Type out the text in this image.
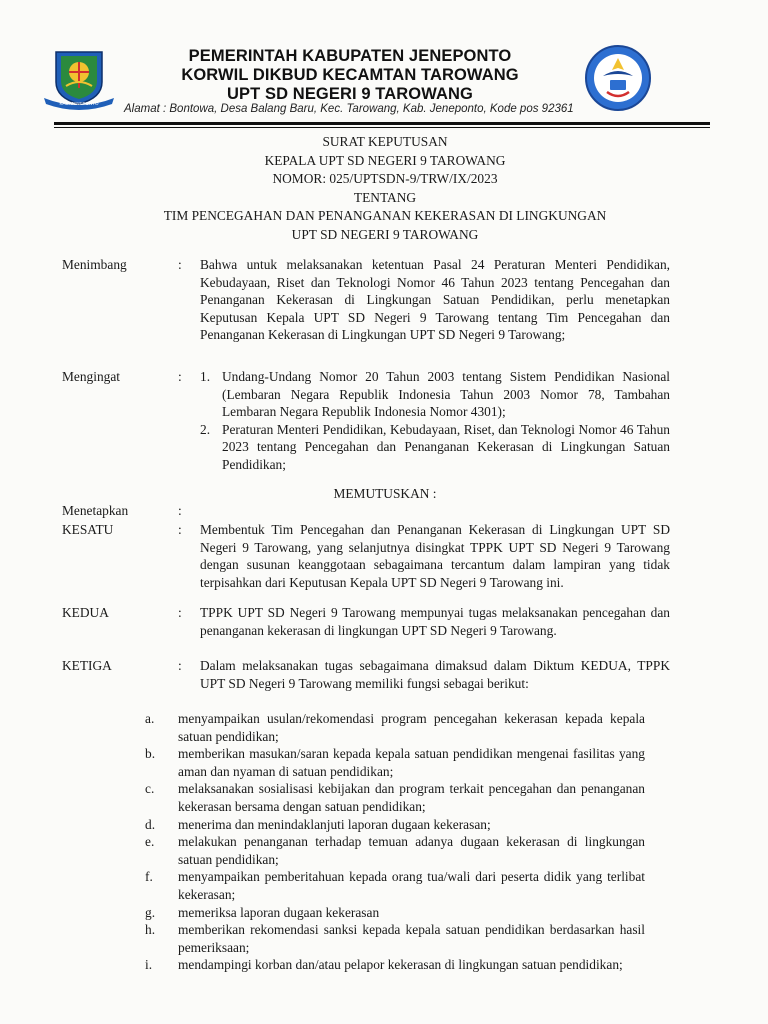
KAB. JENEPONTO
PEMERINTAH KABUPATEN JENEPONTO
KORWIL DIKBUD KECAMTAN TAROWANG
UPT SD NEGERI 9 TAROWANG
Alamat : Bontowa, Desa Balang Baru, Kec. Tarowang, Kab. Jeneponto, Kode pos 92361
SURAT KEPUTUSAN
KEPALA UPT SD NEGERI 9 TAROWANG
NOMOR: 025/UPTSDN-9/TRW/IX/2023
TENTANG
TIM PENCEGAHAN DAN PENANGANAN KEKERASAN DI LINGKUNGAN
UPT SD NEGERI 9 TAROWANG
Menimbang	: Bahwa untuk melaksanakan ketentuan Pasal 24 Peraturan Menteri Pendidikan, Kebudayaan, Riset dan Teknologi Nomor 46 Tahun 2023 tentang Pencegahan dan Penanganan Kekerasan di Lingkungan Satuan Pendidikan, perlu menetapkan Keputusan Kepala UPT SD Negeri 9 Tarowang tentang Tim Pencegahan dan Penanganan Kekerasan di Lingkungan UPT SD Negeri 9 Tarowang;
Mengingat	: 1. Undang-Undang Nomor 20 Tahun 2003 tentang Sistem Pendidikan Nasional (Lembaran Negara Republik Indonesia Tahun 2003 Nomor 78, Tambahan Lembaran Negara Republik Indonesia Nomor 4301);
2. Peraturan Menteri Pendidikan, Kebudayaan, Riset, dan Teknologi Nomor 46 Tahun 2023 tentang Pencegahan dan Penanganan Kekerasan di Lingkungan Satuan Pendidikan;
MEMUTUSKAN :
Menetapkan	:
KESATU	: Membentuk Tim Pencegahan dan Penanganan Kekerasan di Lingkungan UPT SD Negeri 9 Tarowang, yang selanjutnya disingkat TPPK UPT SD Negeri 9 Tarowang dengan susunan keanggotaan sebagaimana tercantum dalam lampiran yang tidak terpisahkan dari Keputusan Kepala UPT SD Negeri 9 Tarowang ini.
KEDUA	: TPPK UPT SD Negeri 9 Tarowang mempunyai tugas melaksanakan pencegahan dan penanganan kekerasan di lingkungan UPT SD Negeri 9 Tarowang.
KETIGA	: Dalam melaksanakan tugas sebagaimana dimaksud dalam Diktum KEDUA, TPPK UPT SD Negeri 9 Tarowang memiliki fungsi sebagai berikut:
a. menyampaikan usulan/rekomendasi program pencegahan kekerasan kepada kepala satuan pendidikan;
b. memberikan masukan/saran kepada kepala satuan pendidikan mengenai fasilitas yang aman dan nyaman di satuan pendidikan;
c. melaksanakan sosialisasi kebijakan dan program terkait pencegahan dan penanganan kekerasan bersama dengan satuan pendidikan;
d. menerima dan menindaklanjuti laporan dugaan kekerasan;
e. melakukan penanganan terhadap temuan adanya dugaan kekerasan di lingkungan satuan pendidikan;
f. menyampaikan pemberitahuan kepada orang tua/wali dari peserta didik yang terlibat kekerasan;
g. memeriksa laporan dugaan kekerasan
h. memberikan rekomendasi sanksi kepada kepala satuan pendidikan berdasarkan hasil pemeriksaan;
i. mendampingi korban dan/atau pelapor kekerasan di lingkungan satuan pendidikan;
